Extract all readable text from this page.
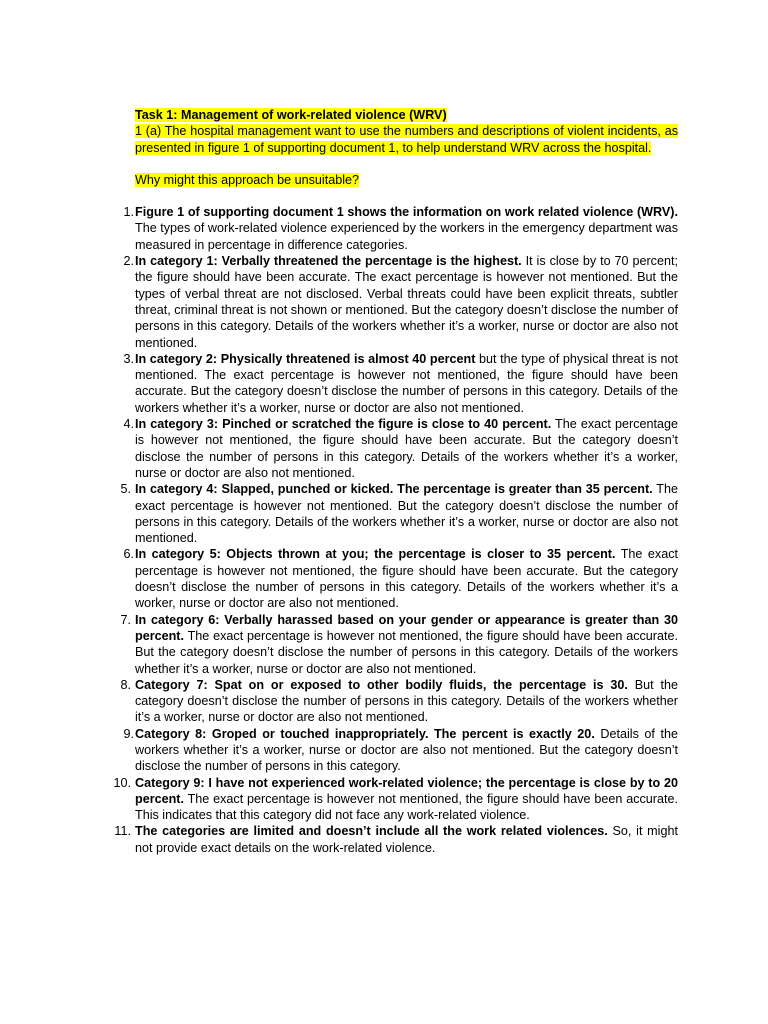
Task 1: Management of work-related violence (WRV)

1 (a) The hospital management want to use the numbers and descriptions of violent incidents, as presented in figure 1 of supporting document 1, to help understand WRV across the hospital.

Why might this approach be unsuitable?
1. Figure 1 of supporting document 1 shows the information on work related violence (WRV). The types of work-related violence experienced by the workers in the emergency department was measured in percentage in difference categories.
2. In category 1: Verbally threatened the percentage is the highest. It is close by to 70 percent; the figure should have been accurate. The exact percentage is however not mentioned. But the types of verbal threat are not disclosed. Verbal threats could have been explicit threats, subtler threat, criminal threat is not shown or mentioned. But the category doesn’t disclose the number of persons in this category. Details of the workers whether it’s a worker, nurse or doctor are also not mentioned.
3. In category 2: Physically threatened is almost 40 percent but the type of physical threat is not mentioned. The exact percentage is however not mentioned, the figure should have been accurate. But the category doesn’t disclose the number of persons in this category. Details of the workers whether it’s a worker, nurse or doctor are also not mentioned.
4. In category 3: Pinched or scratched the figure is close to 40 percent. The exact percentage is however not mentioned, the figure should have been accurate. But the category doesn’t disclose the number of persons in this category. Details of the workers whether it’s a worker, nurse or doctor are also not mentioned.
5. In category 4: Slapped, punched or kicked. The percentage is greater than 35 percent. The exact percentage is however not mentioned. But the category doesn’t disclose the number of persons in this category. Details of the workers whether it’s a worker, nurse or doctor are also not mentioned.
6. In category 5: Objects thrown at you; the percentage is closer to 35 percent. The exact percentage is however not mentioned, the figure should have been accurate. But the category doesn’t disclose the number of persons in this category. Details of the workers whether it’s a worker, nurse or doctor are also not mentioned.
7. In category 6: Verbally harassed based on your gender or appearance is greater than 30 percent. The exact percentage is however not mentioned, the figure should have been accurate. But the category doesn’t disclose the number of persons in this category. Details of the workers whether it’s a worker, nurse or doctor are also not mentioned.
8. Category 7: Spat on or exposed to other bodily fluids, the percentage is 30. But the category doesn’t disclose the number of persons in this category. Details of the workers whether it’s a worker, nurse or doctor are also not mentioned.
9. Category 8: Groped or touched inappropriately. The percent is exactly 20. Details of the workers whether it’s a worker, nurse or doctor are also not mentioned. But the category doesn’t disclose the number of persons in this category.
10. Category 9: I have not experienced work-related violence; the percentage is close by to 20 percent. The exact percentage is however not mentioned, the figure should have been accurate. This indicates that this category did not face any work-related violence.
11. The categories are limited and doesn’t include all the work related violences. So, it might not provide exact details on the work-related violence.
